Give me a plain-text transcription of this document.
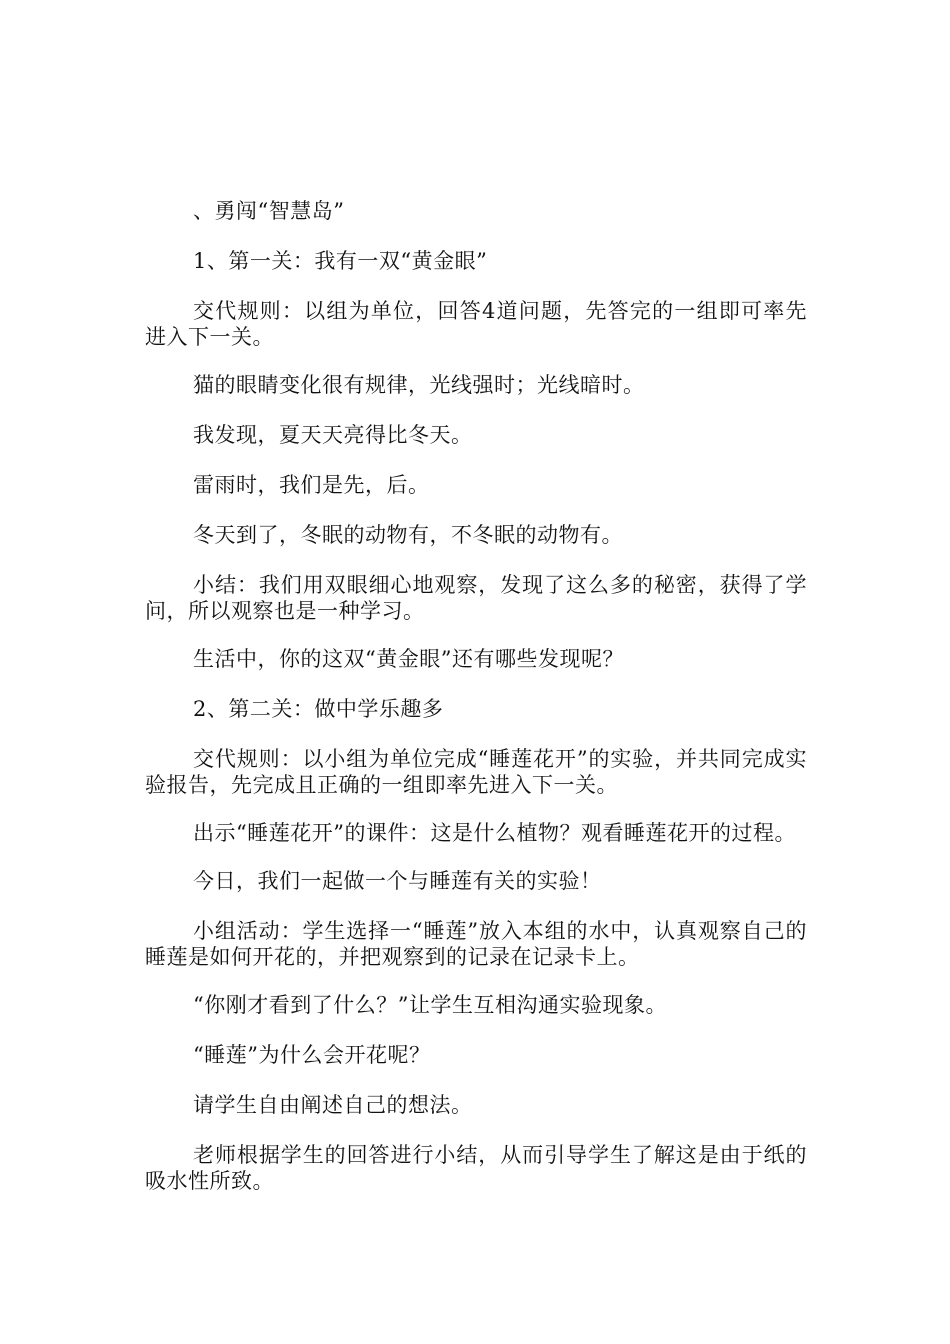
、勇闯“智慧岛”

1、第一关：我有一双“黄金眼”

交代规则：以组为单位，回答4道问题，先答完的一组即可率先进入下一关。

猫的眼睛变化很有规律，光线强时；光线暗时。

我发现，夏天天亮得比冬天。

雷雨时，我们是先，后。

冬天到了，冬眠的动物有，不冬眠的动物有。

小结：我们用双眼细心地观察，发现了这么多的秘密，获得了学问，所以观察也是一种学习。

生活中，你的这双“黄金眼”还有哪些发现呢？

2、第二关：做中学乐趣多

交代规则：以小组为单位完成“睡莲花开”的实验，并共同完成实验报告，先完成且正确的一组即率先进入下一关。

出示“睡莲花开”的课件：这是什么植物？观看睡莲花开的过程。

今日，我们一起做一个与睡莲有关的实验！

小组活动：学生选择一“睡莲”放入本组的水中，认真观察自己的睡莲是如何开花的，并把观察到的记录在记录卡上。

“你刚才看到了什么？”让学生互相沟通实验现象。

“睡莲”为什么会开花呢？

请学生自由阐述自己的想法。

老师根据学生的回答进行小结，从而引导学生了解这是由于纸的吸水性所致。
